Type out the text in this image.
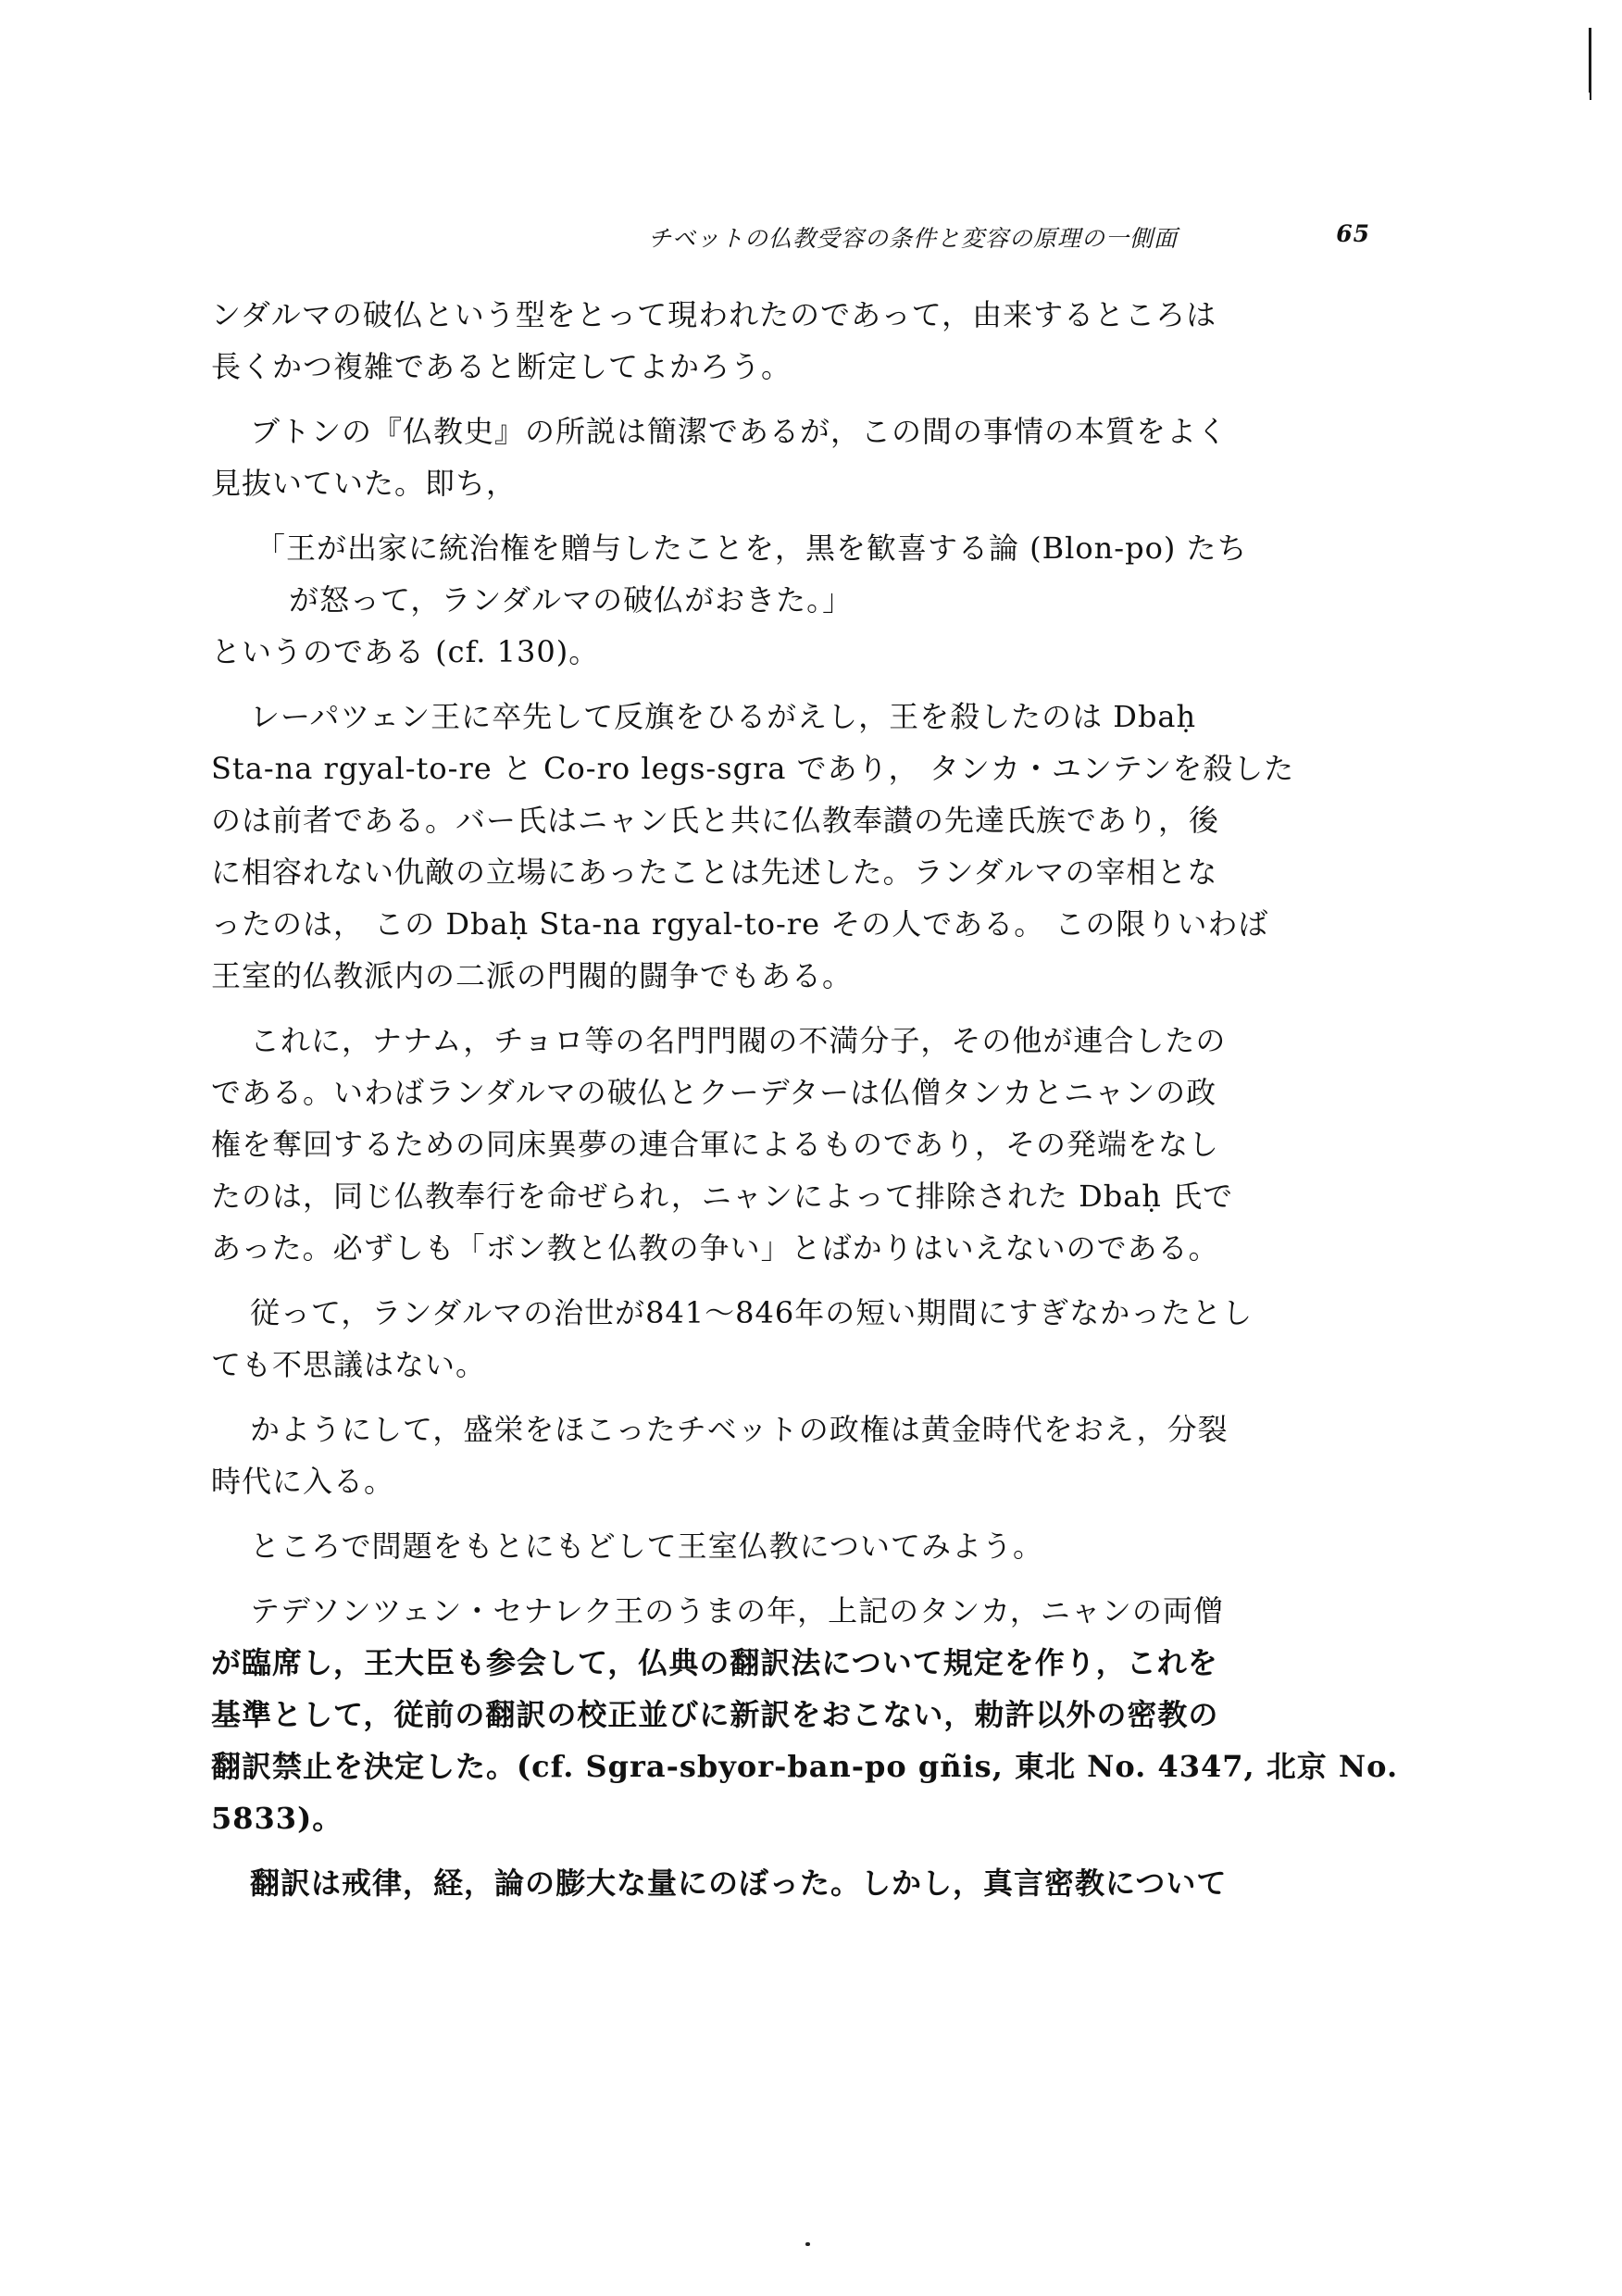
チベットの仏教受容の条件と変容の原理の一側面	65
ンダルマの破仏という型をとって現われたのであって，由来するところは
長くかつ複雑であると断定してよかろう。
ブトンの『仏教史』の所説は簡潔であるが，この間の事情の本質をよく
見抜いていた。即ち，
「王が出家に統治権を贈与したことを，黒を歓喜する論 (Blon-po) たち
が怒って，ランダルマの破仏がおきた。」
というのである (cf. 130)。
レーパツェン王に卒先して反旗をひるがえし，王を殺したのは Dbaḥ
Sta-na rgyal-to-re と Co-ro legs-sgra であり， タンカ・ユンテンを殺した
のは前者である。バー氏はニャン氏と共に仏教奉讃の先達氏族であり，後
に相容れない仇敵の立場にあったことは先述した。ランダルマの宰相とな
ったのは， この Dbaḥ Sta-na rgyal-to-re その人である。 この限りいわば
王室的仏教派内の二派の門閥的闘争でもある。
これに，ナナム，チョロ等の名門門閥の不満分子，その他が連合したの
である。いわばランダルマの破仏とクーデターは仏僧タンカとニャンの政
権を奪回するための同床異夢の連合軍によるものであり，その発端をなし
たのは，同じ仏教奉行を命ぜられ，ニャンによって排除された Dbaḥ 氏で
あった。必ずしも「ボン教と仏教の争い」とばかりはいえないのである。
従って，ランダルマの治世が841～846年の短い期間にすぎなかったとし
ても不思議はない。
かようにして，盛栄をほこったチベットの政権は黄金時代をおえ，分裂
時代に入る。
ところで問題をもとにもどして王室仏教についてみよう。
テデソンツェン・セナレク王のうまの年，上記のタンカ，ニャンの両僧
が臨席し，王大臣も参会して，仏典の翻訳法について規定を作り，これを
基準として，従前の翻訳の校正並びに新訳をおこない，勅許以外の密教の
翻訳禁止を決定した。(cf. Sgra-sbyor-ban-po gñis, 東北 No. 4347, 北京 No.
5833)。
翻訳は戒律，経，論の膨大な量にのぼった。しかし，真言密教について
